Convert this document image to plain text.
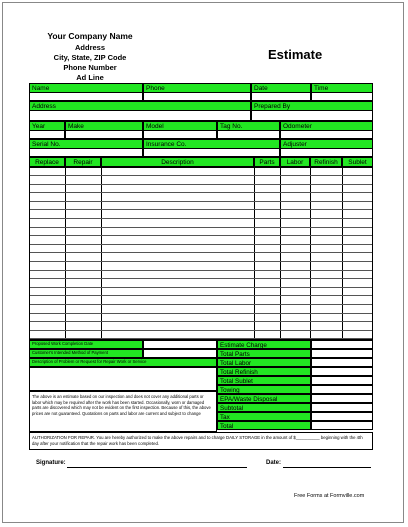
Your Company Name
Address
City, State, ZIP Code
Phone Number
Ad Line
Estimate
Name	Phone	Date	Time
Address	Prepared By
Year	Make	Model	Tag No.	Odometer
Serial No.	Insurance Co.	Adjuster
Replace	Repair	Description	Parts	Labor	Refinish	Sublet
Proposed Work Completion Date
Customer's Intended Method of Payment
Description of Problem or Request for Repair Work or Service
Estimate Charge
Total Parts
Total Labor
Total Refinish
Total Sublet
Towing
EPA/Waste Disposal
Subtotal
Tax
Total
The above is an estimate based on our inspection and does not cover any additional parts or labor which may be required after the work has been started. Occasionally, worn or damaged parts are discovered which may not be evident on the first inspection. Because of this, the above prices are not guaranteed. Quotations on parts and labor are current and subject to change
AUTHORIZATION FOR REPAIR. You are hereby authorized to make the above repairs and to charge DAILY STORAGE in the amount of $__________ beginning with the 4th day after your notification that the repair work has been completed.
Signature:	Date:
Free Forms at Formville.com
